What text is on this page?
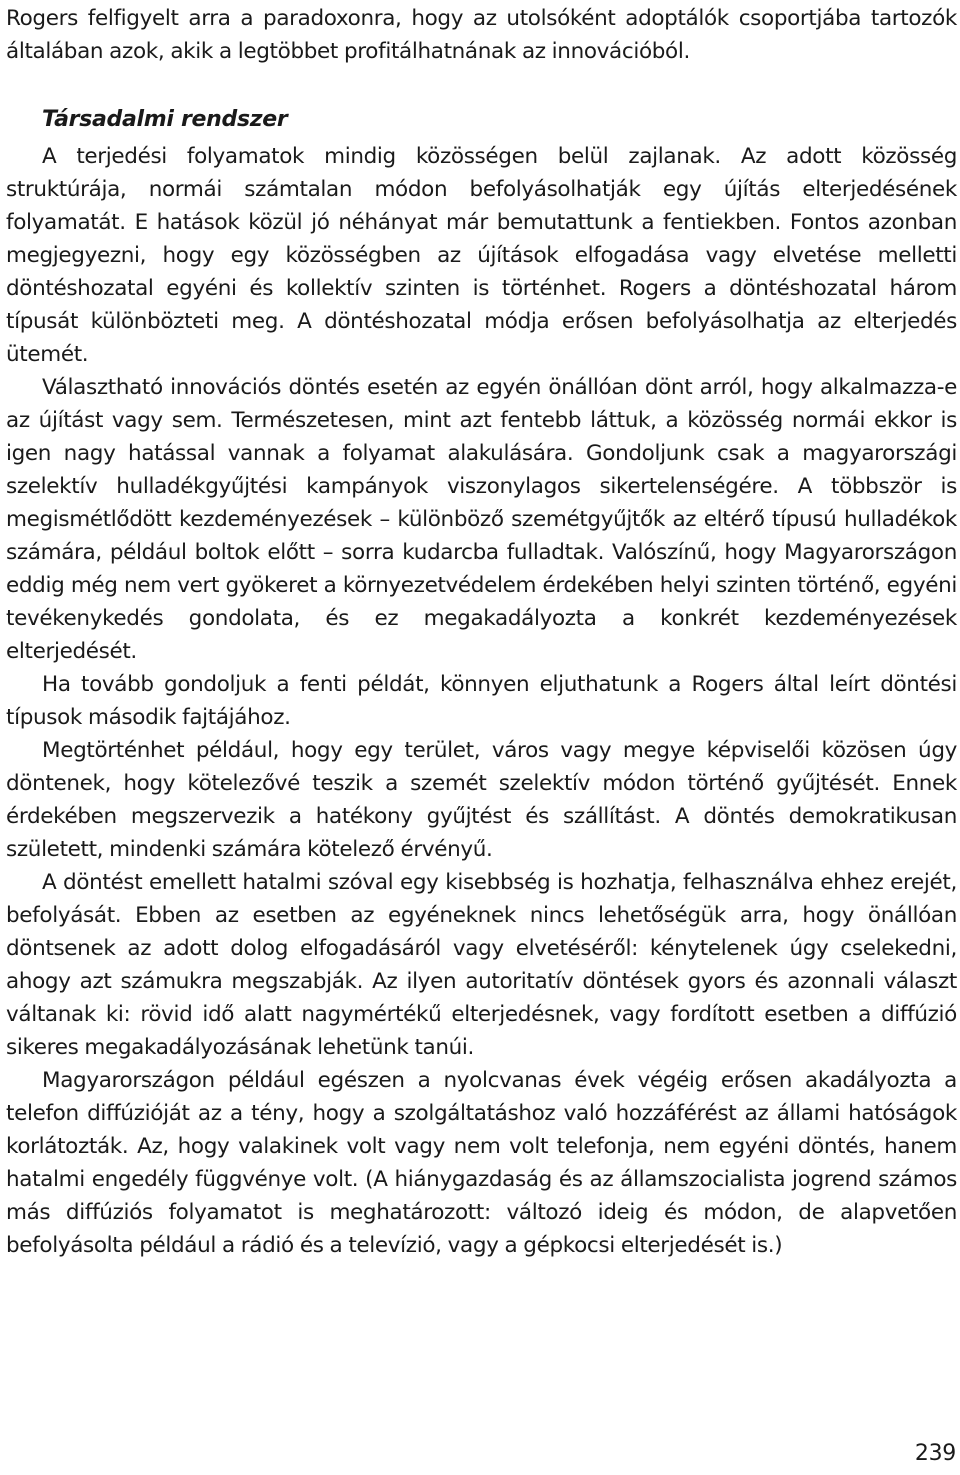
Rogers felfigyelt arra a paradoxonra, hogy az utolsóként adoptálók csoportjába tartozók általában azok, akik a legtöbbet profitálhatnának az innovációból.

Társadalmi rendszer

A terjedési folyamatok mindig közösségen belül zajlanak. Az adott közösség struktúrája, normái számtalan módon befolyásolhatják egy újítás elterjedésének folyamatát. E hatások közül jó néhányat már bemutattunk a fentiekben. Fontos azonban megjegyezni, hogy egy közösségben az újítások elfogadása vagy elvetése melletti döntéshozatal egyéni és kollektív szinten is történhet. Rogers a döntéshozatal három típusát különbözteti meg. A döntéshozatal módja erősen befolyásolhatja az elterjedés ütemét.

Választható innovációs döntés esetén az egyén önállóan dönt arról, hogy alkalmazza-e az újítást vagy sem. Természetesen, mint azt fentebb láttuk, a közösség normái ekkor is igen nagy hatással vannak a folyamat alakulására. Gondoljunk csak a magyarországi szelektív hulladékgyűjtési kampányok viszonylagos sikertelenségére. A többször is megismétlődött kezdeményezések – különböző szemétgyűjtők az eltérő típusú hulladékok számára, például boltok előtt – sorra kudarcba fulladtak. Valószínű, hogy Magyarországon eddig még nem vert gyökeret a környezetvédelem érdekében helyi szinten történő, egyéni tevékenykedés gondolata, és ez megakadályozta a konkrét kezdeményezések elterjedését.

Ha tovább gondoljuk a fenti példát, könnyen eljuthatunk a Rogers által leírt döntési típusok második fajtájához.

Megtörténhet például, hogy egy terület, város vagy megye képviselői közösen úgy döntenek, hogy kötelezővé teszik a szemét szelektív módon történő gyűjtését. Ennek érdekében megszervezik a hatékony gyűjtést és szállítást. A döntés demokratikusan született, mindenki számára kötelező érvényű.

A döntést emellett hatalmi szóval egy kisebbség is hozhatja, felhasználva ehhez erejét, befolyását. Ebben az esetben az egyéneknek nincs lehetőségük arra, hogy önállóan döntsenek az adott dolog elfogadásáról vagy elvetéséről: kénytelenek úgy cselekedni, ahogy azt számukra megszabják. Az ilyen autoritatív döntések gyors és azonnali választ váltanak ki: rövid idő alatt nagymértékű elterjedésnek, vagy fordított esetben a diffúzió sikeres megakadályozásának lehetünk tanúi.

Magyarországon például egészen a nyolcvanas évek végéig erősen akadályozta a telefon diffúzióját az a tény, hogy a szolgáltatáshoz való hozzáférést az állami hatóságok korlátozták. Az, hogy valakinek volt vagy nem volt telefonja, nem egyéni döntés, hanem hatalmi engedély függvénye volt. (A hiánygazdaság és az államszocialista jogrend számos más diffúziós folyamatot is meghatározott: változó ideig és módon, de alapvetően befolyásolta például a rádió és a televízió, vagy a gépkocsi elterjedését is.)

239
